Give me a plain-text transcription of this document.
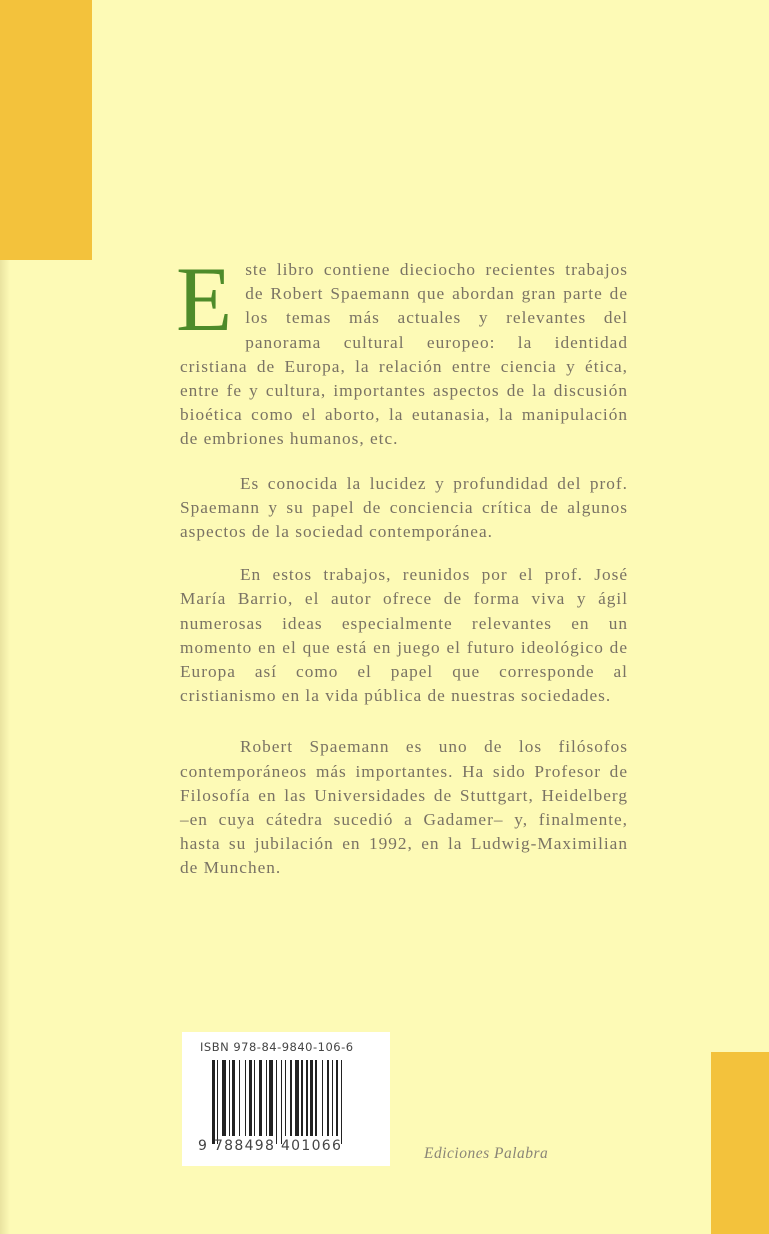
Este libro contiene dieciocho recientes trabajos de Robert Spaemann que abordan gran parte de los temas más actuales y relevantes del panorama cultural europeo: la identidad cristiana de Europa, la relación entre ciencia y ética, entre fe y cultura, importantes aspectos de la discusión bioética como el aborto, la eutanasia, la manipulación de embriones humanos, etc.

Es conocida la lucidez y profundidad del prof. Spaemann y su papel de conciencia crítica de algunos aspectos de la sociedad contemporánea.

En estos trabajos, reunidos por el prof. José María Barrio, el autor ofrece de forma viva y ágil numerosas ideas especialmente relevantes en un momento en el que está en juego el futuro ideológico de Europa así como el papel que corresponde al cristianismo en la vida pública de nuestras sociedades.

Robert Spaemann es uno de los filósofos contemporáneos más importantes. Ha sido Profesor de Filosofía en las Universidades de Stuttgart, Heidelberg –en cuya cátedra sucedió a Gadamer– y, finalmente, hasta su jubilación en 1992, en la Ludwig-Maximilian de Munchen.

ISBN 978-84-9840-106-6
9 788498 401066	Ediciones Palabra
